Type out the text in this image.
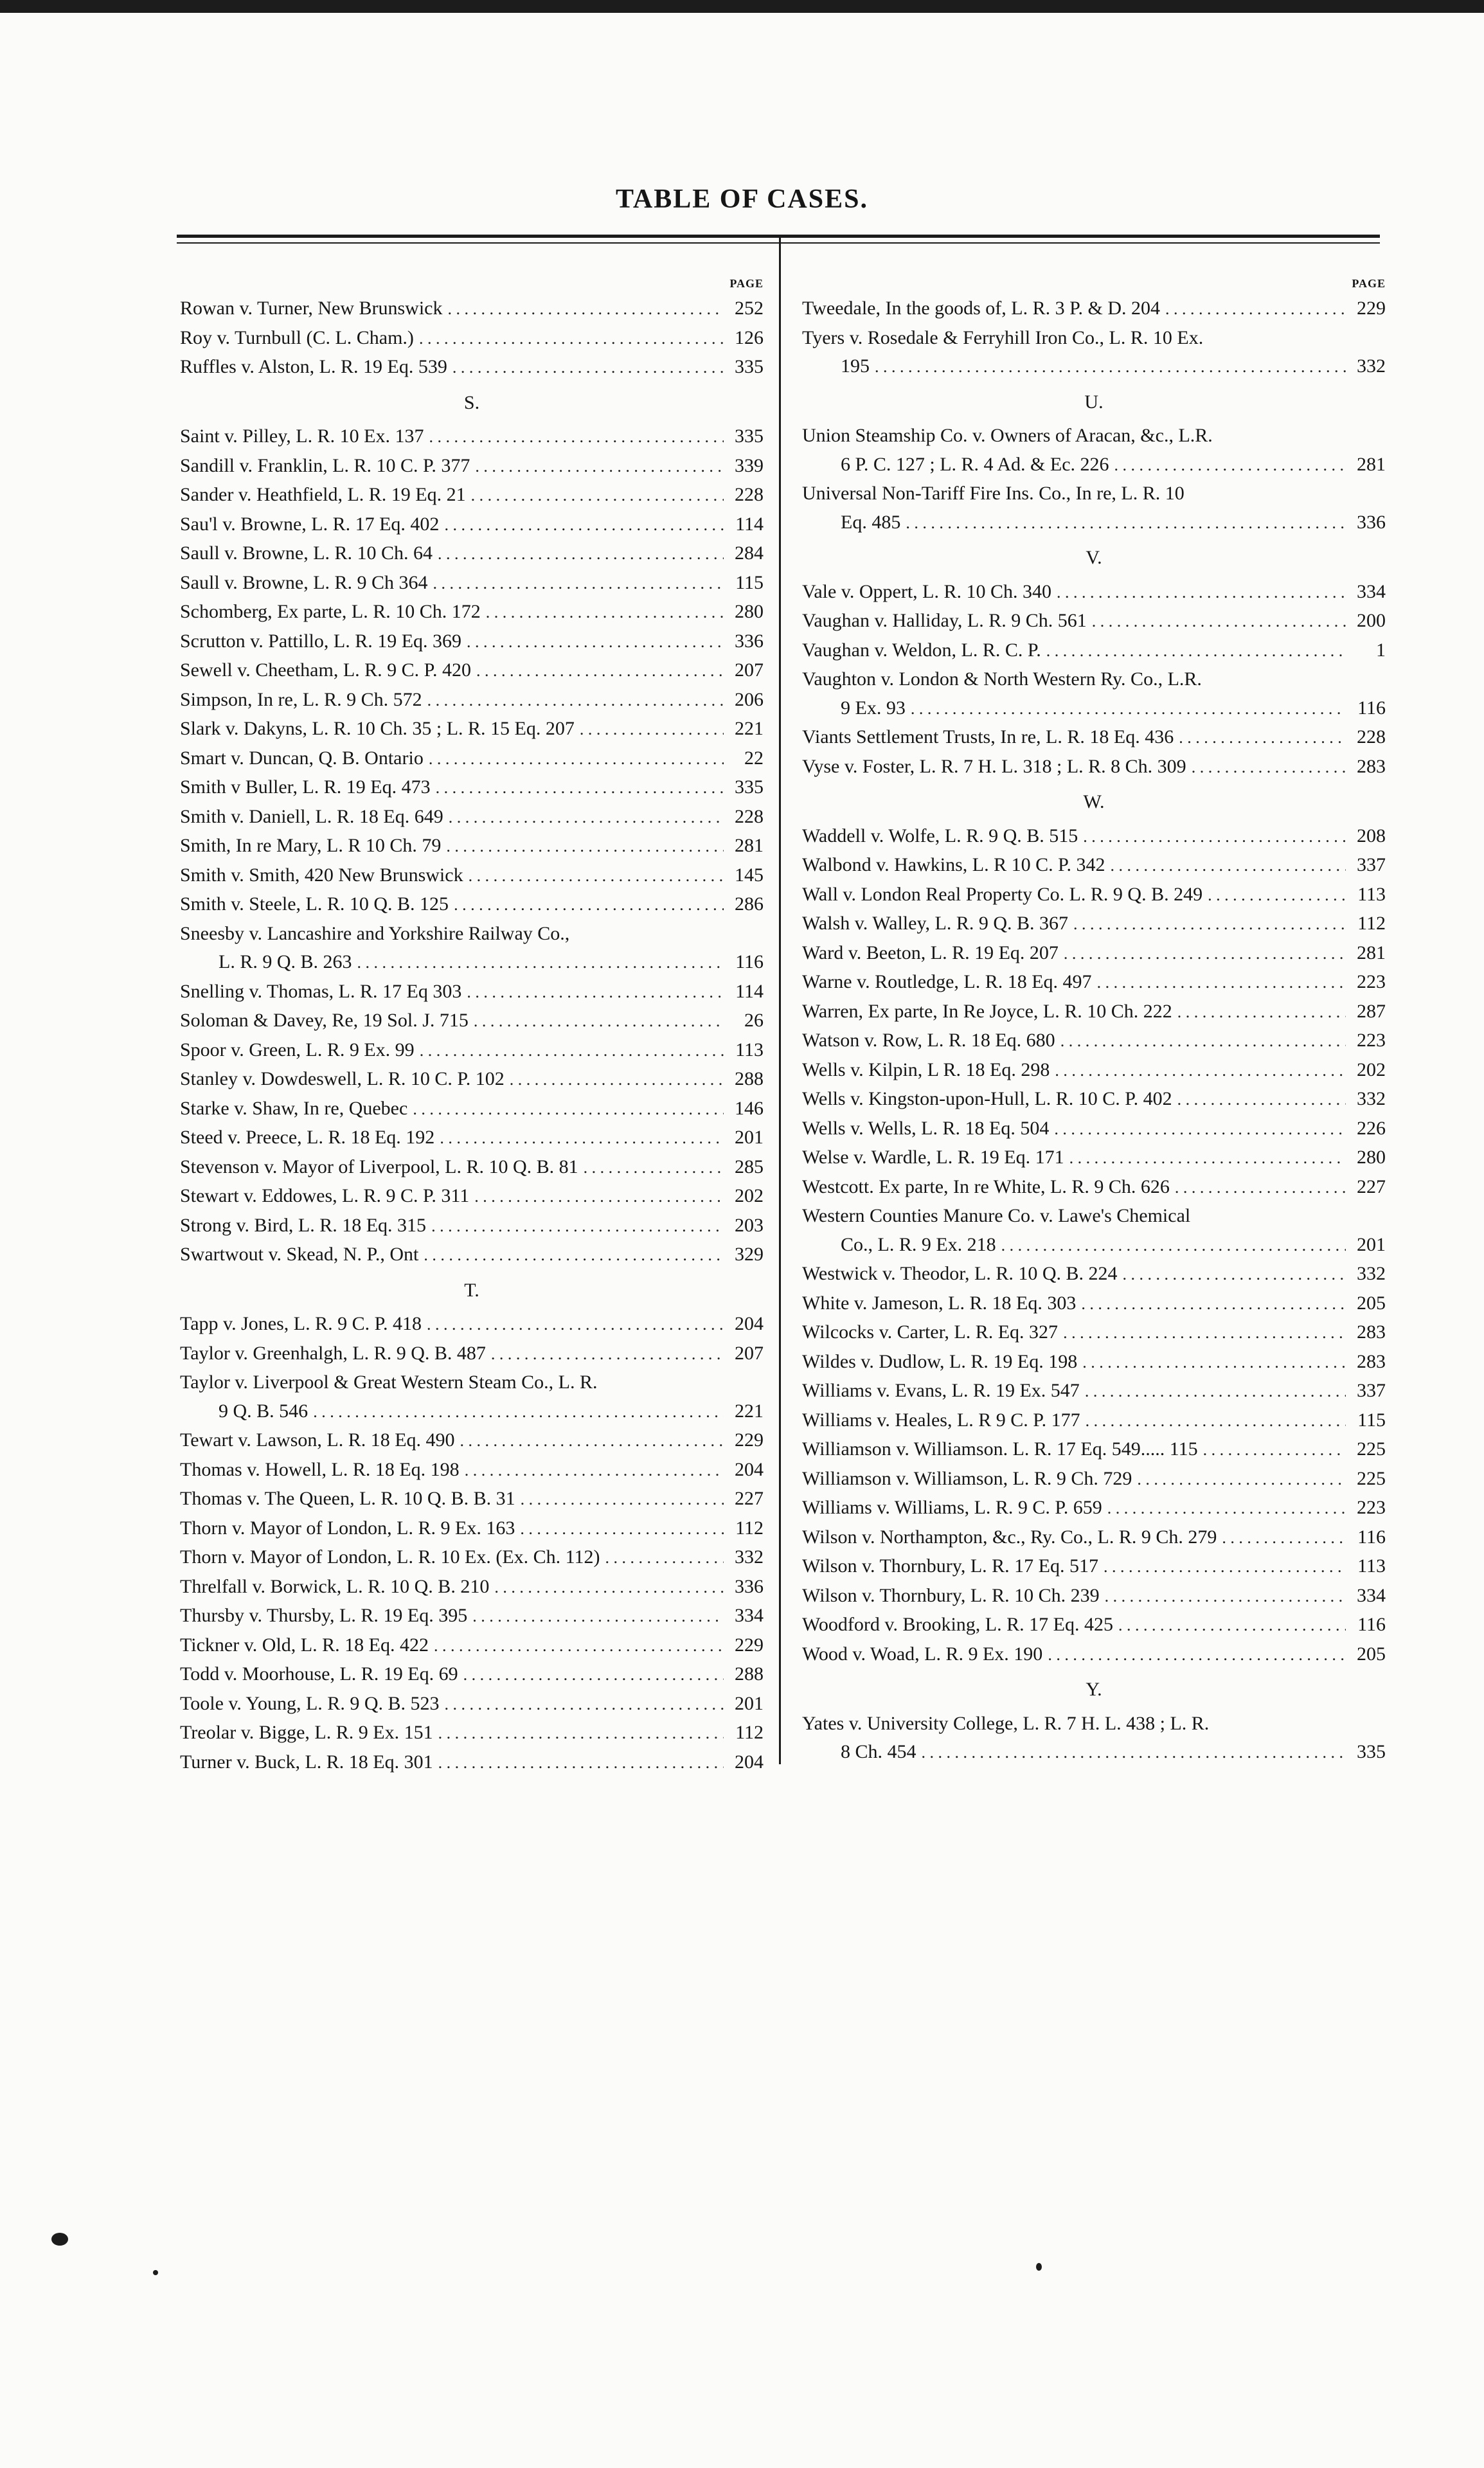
TABLE OF CASES.
PAGE
Rowan v. Turner, New Brunswick . . .	252
Roy v. Turnbull (C. L. Cham.) . . .	126
Ruffles v. Alston, L. R. 19 Eq. 539 . . .	335
S.
Saint v. Pilley, L. R. 10 Ex. 137 . . .	335
Sandill v. Franklin, L. R. 10 C. P. 377 . . .	339
Sander v. Heathfield, L. R. 19 Eq. 21 . . .	228
Sau'l v. Browne, L. R. 17 Eq. 402 . . .	114
Saull v. Browne, L. R. 10 Ch. 64 . . .	284
Saull v. Browne, L. R. 9 Ch 364 . . .	115
Schomberg, Ex parte, L. R. 10 Ch. 172 . . .	280
Scrutton v. Pattillo, L. R. 19 Eq. 369 . . .	336
Sewell v. Cheetham, L. R. 9 C. P. 420 . . .	207
Simpson, In re, L. R. 9 Ch. 572 . . .	206
Slark v. Dakyns, L. R. 10 Ch. 35 ; L. R. 15 Eq. 207 . . .	221
Smart v. Duncan, Q. B. Ontario . . .	22
Smith v Buller, L. R. 19 Eq. 473 . . .	335
Smith v. Daniell, L. R. 18 Eq. 649 . . .	228
Smith, In re Mary, L. R 10 Ch. 79 . . .	281
Smith v. Smith, 420 New Brunswick . . .	145
Smith v. Steele, L. R. 10 Q. B. 125 . . .	286
Sneesby v. Lancashire and Yorkshire Railway Co.,
L. R. 9 Q. B. 263 . . .	116
Snelling v. Thomas, L. R. 17 Eq 303 . . .	114
Soloman & Davey, Re, 19 Sol. J. 715 . . .	26
Spoor v. Green, L. R. 9 Ex. 99 . . .	113
Stanley v. Dowdeswell, L. R. 10 C. P. 102 . . .	288
Starke v. Shaw, In re, Quebec . . .	146
Steed v. Preece, L. R. 18 Eq. 192 . . .	201
Stevenson v. Mayor of Liverpool, L. R. 10 Q. B. 81 . . .	285
Stewart v. Eddowes, L. R. 9 C. P. 311 . . .	202
Strong v. Bird, L. R. 18 Eq. 315 . . .	203
Swartwout v. Skead, N. P., Ont . . .	329
T.
Tapp v. Jones, L. R. 9 C. P. 418 . . .	204
Taylor v. Greenhalgh, L. R. 9 Q. B. 487 . . .	207
Taylor v. Liverpool & Great Western Steam Co., L. R.
9 Q. B. 546 . . .	221
Tewart v. Lawson, L. R. 18 Eq. 490 . . .	229
Thomas v. Howell, L. R. 18 Eq. 198 . . .	204
Thomas v. The Queen, L. R. 10 Q. B. B. 31 . . .	227
Thorn v. Mayor of London, L. R. 9 Ex. 163 . . .	112
Thorn v. Mayor of London, L. R. 10 Ex. (Ex. Ch. 112) . . .	332
Threlfall v. Borwick, L. R. 10 Q. B. 210 . . .	336
Thursby v. Thursby, L. R. 19 Eq. 395 . . .	334
Tickner v. Old, L. R. 18 Eq. 422 . . .	229
Todd v. Moorhouse, L. R. 19 Eq. 69 . . .	288
Toole v. Young, L. R. 9 Q. B. 523 . . .	201
Treolar v. Bigge, L. R. 9 Ex. 151 . . .	112
Turner v. Buck, L. R. 18 Eq. 301 . . .	204
PAGE
Tweedale, In the goods of, L. R. 3 P. & D. 204 . . .	229
Tyers v. Rosedale & Ferryhill Iron Co., L. R. 10 Ex.
195 . . .	332
U.
Union Steamship Co. v. Owners of Aracan, &c., L.R.
6 P. C. 127 ; L. R. 4 Ad. & Ec. 226 . . .	281
Universal Non-Tariff Fire Ins. Co., In re, L. R. 10
Eq. 485 . . .	336
V.
Vale v. Oppert, L. R. 10 Ch. 340 . . .	334
Vaughan v. Halliday, L. R. 9 Ch. 561 . . .	200
Vaughan v. Weldon, L. R. C. P. . . .	1
Vaughton v. London & North Western Ry. Co., L.R.
9 Ex. 93 . . .	116
Viants Settlement Trusts, In re, L. R. 18 Eq. 436 . . .	228
Vyse v. Foster, L. R. 7 H. L. 318 ; L. R. 8 Ch. 309 . . .	283
W.
Waddell v. Wolfe, L. R. 9 Q. B. 515 . . .	208
Walbond v. Hawkins, L. R 10 C. P. 342 . . .	337
Wall v. London Real Property Co. L. R. 9 Q. B. 249 . . .	113
Walsh v. Walley, L. R. 9 Q. B. 367 . . .	112
Ward v. Beeton, L. R. 19 Eq. 207 . . .	281
Warne v. Routledge, L. R. 18 Eq. 497 . . .	223
Warren, Ex parte, In Re Joyce, L. R. 10 Ch. 222 . . .	287
Watson v. Row, L. R. 18 Eq. 680 . . .	223
Wells v. Kilpin, L R. 18 Eq. 298 . . .	202
Wells v. Kingston-upon-Hull, L. R. 10 C. P. 402 . . .	332
Wells v. Wells, L. R. 18 Eq. 504 . . .	226
Welse v. Wardle, L. R. 19 Eq. 171 . . .	280
Westcott. Ex parte, In re White, L. R. 9 Ch. 626 . . .	227
Western Counties Manure Co. v. Lawe's Chemical
Co., L. R. 9 Ex. 218 . . .	201
Westwick v. Theodor, L. R. 10 Q. B. 224 . . .	332
White v. Jameson, L. R. 18 Eq. 303 . . .	205
Wilcocks v. Carter, L. R. Eq. 327 . . .	283
Wildes v. Dudlow, L. R. 19 Eq. 198 . . .	283
Williams v. Evans, L. R. 19 Ex. 547 . . .	337
Williams v. Heales, L. R 9 C. P. 177 . . .	115
Williamson v. Williamson. L. R. 17 Eq. 549..... 115 . . .	225
Williamson v. Williamson, L. R. 9 Ch. 729 . . .	225
Williams v. Williams, L. R. 9 C. P. 659 . . .	223
Wilson v. Northampton, &c., Ry. Co., L. R. 9 Ch. 279 . . .	116
Wilson v. Thornbury, L. R. 17 Eq. 517 . . .	113
Wilson v. Thornbury, L. R. 10 Ch. 239 . . .	334
Woodford v. Brooking, L. R. 17 Eq. 425 . . .	116
Wood v. Woad, L. R. 9 Ex. 190 . . .	205
Y.
Yates v. University College, L. R. 7 H. L. 438 ; L. R.
8 Ch. 454 . . .	335
